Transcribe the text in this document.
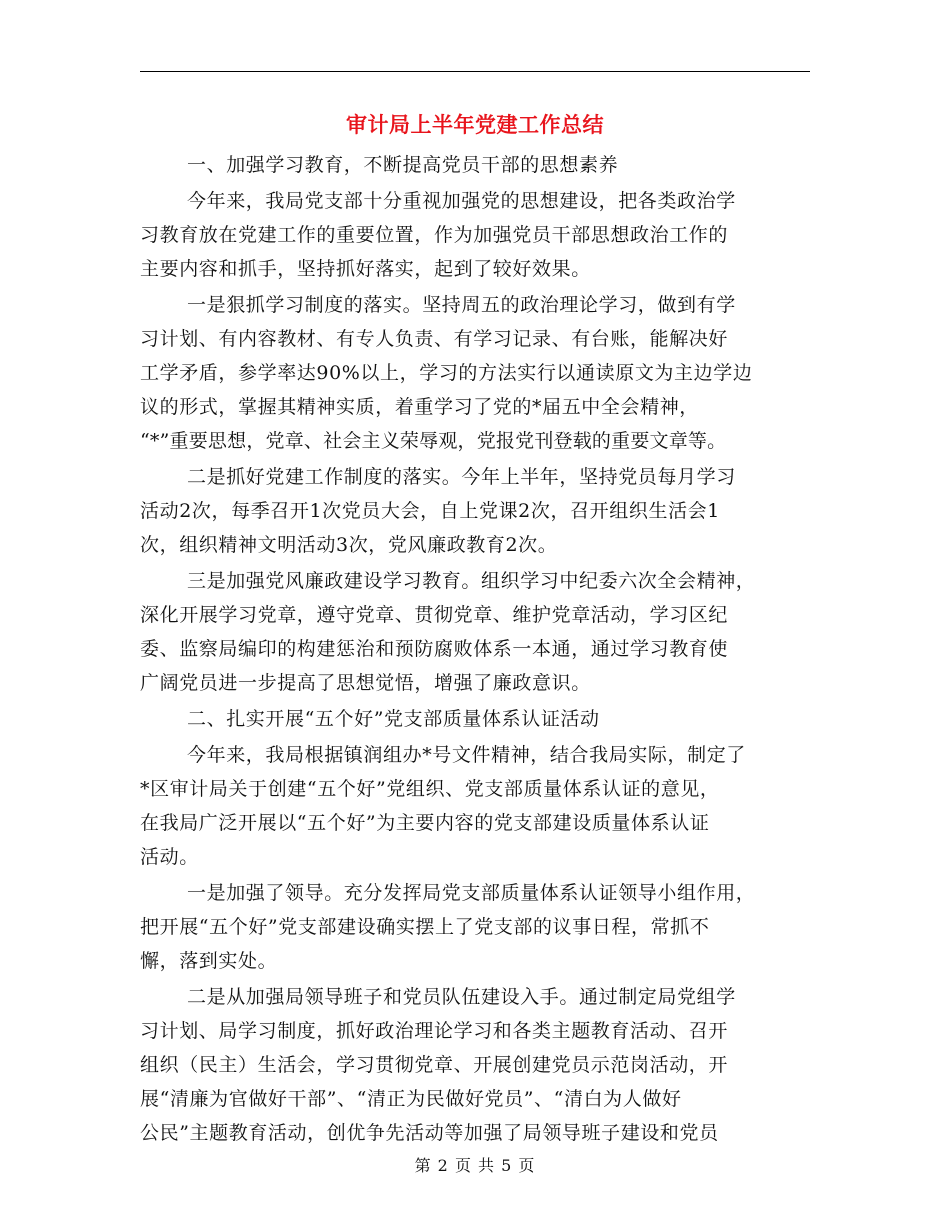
审计局上半年党建工作总结
一、加强学习教育，不断提高党员干部的思想素养
今年来，我局党支部十分重视加强党的思想建设，把各类政治学
习教育放在党建工作的重要位置，作为加强党员干部思想政治工作的
主要内容和抓手，坚持抓好落实，起到了较好效果。
一是狠抓学习制度的落实。坚持周五的政治理论学习，做到有学
习计划、有内容教材、有专人负责、有学习记录、有台账，能解决好
工学矛盾，参学率达90%以上，学习的方法实行以通读原文为主边学边
议的形式，掌握其精神实质，着重学习了党的*届五中全会精神，
“*”重要思想，党章、社会主义荣辱观，党报党刊登载的重要文章等。
二是抓好党建工作制度的落实。今年上半年，坚持党员每月学习
活动2次，每季召开1次党员大会，自上党课2次，召开组织生活会1
次，组织精神文明活动3次，党风廉政教育2次。
三是加强党风廉政建设学习教育。组织学习中纪委六次全会精神，
深化开展学习党章，遵守党章、贯彻党章、维护党章活动，学习区纪
委、监察局编印的构建惩治和预防腐败体系一本通，通过学习教育使
广阔党员进一步提高了思想觉悟，增强了廉政意识。
二、扎实开展“五个好”党支部质量体系认证活动
今年来，我局根据镇润组办*号文件精神，结合我局实际，制定了
*区审计局关于创建“五个好”党组织、党支部质量体系认证的意见，
在我局广泛开展以“五个好”为主要内容的党支部建设质量体系认证
活动。
一是加强了领导。充分发挥局党支部质量体系认证领导小组作用，
把开展“五个好”党支部建设确实摆上了党支部的议事日程，常抓不
懈，落到实处。
二是从加强局领导班子和党员队伍建设入手。通过制定局党组学
习计划、局学习制度，抓好政治理论学习和各类主题教育活动、召开
组织（民主）生活会，学习贯彻党章、开展创建党员示范岗活动，开
展“清廉为官做好干部”、“清正为民做好党员”、“清白为人做好
公民”主题教育活动，创优争先活动等加强了局领导班子建设和党员
第 2 页 共 5 页
